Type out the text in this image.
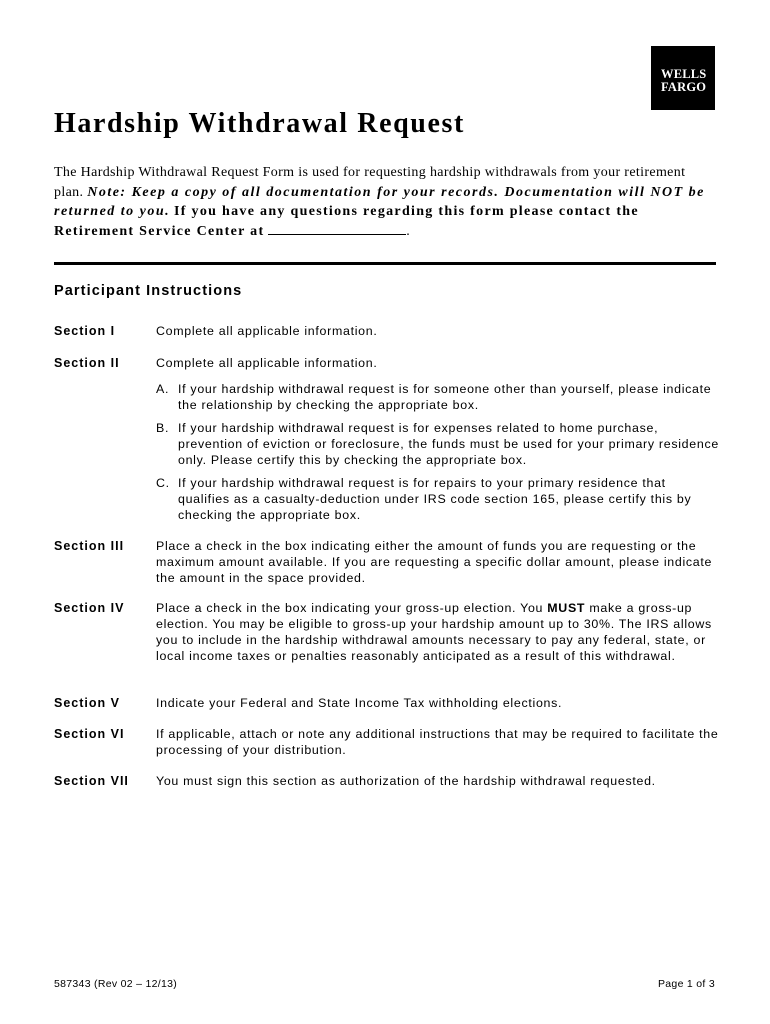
WELLS
FARGO
Hardship Withdrawal Request

The Hardship Withdrawal Request Form is used for requesting hardship withdrawals from your retirement plan. Note: Keep a copy of all documentation for your records. Documentation will NOT be returned to you. If you have any questions regarding this form please contact the Retirement Service Center at	.

Participant Instructions
Section I	Complete all applicable information.
Section II	Complete all applicable information.
A. If your hardship withdrawal request is for someone other than yourself, please indicate the relationship by checking the appropriate box.
B. If your hardship withdrawal request is for expenses related to home purchase, prevention of eviction or foreclosure, the funds must be used for your primary residence only. Please certify this by checking the appropriate box.
C. If your hardship withdrawal request is for repairs to your primary residence that qualifies as a casualty-deduction under IRS code section 165, please certify this by checking the appropriate box.
Section III	Place a check in the box indicating either the amount of funds you are requesting or the maximum amount available. If you are requesting a specific dollar amount, please indicate the amount in the space provided.
Section IV	Place a check in the box indicating your gross-up election. You MUST make a gross-up election. You may be eligible to gross-up your hardship amount up to 30%. The IRS allows you to include in the hardship withdrawal amounts necessary to pay any federal, state, or local income taxes or penalties reasonably anticipated as a result of this withdrawal.
Section V	Indicate your Federal and State Income Tax withholding elections.
Section VI	If applicable, attach or note any additional instructions that may be required to facilitate the processing of your distribution.
Section VII You must sign this section as authorization of the hardship withdrawal requested.
587343 (Rev 02 – 12/13)	Page 1 of 3
